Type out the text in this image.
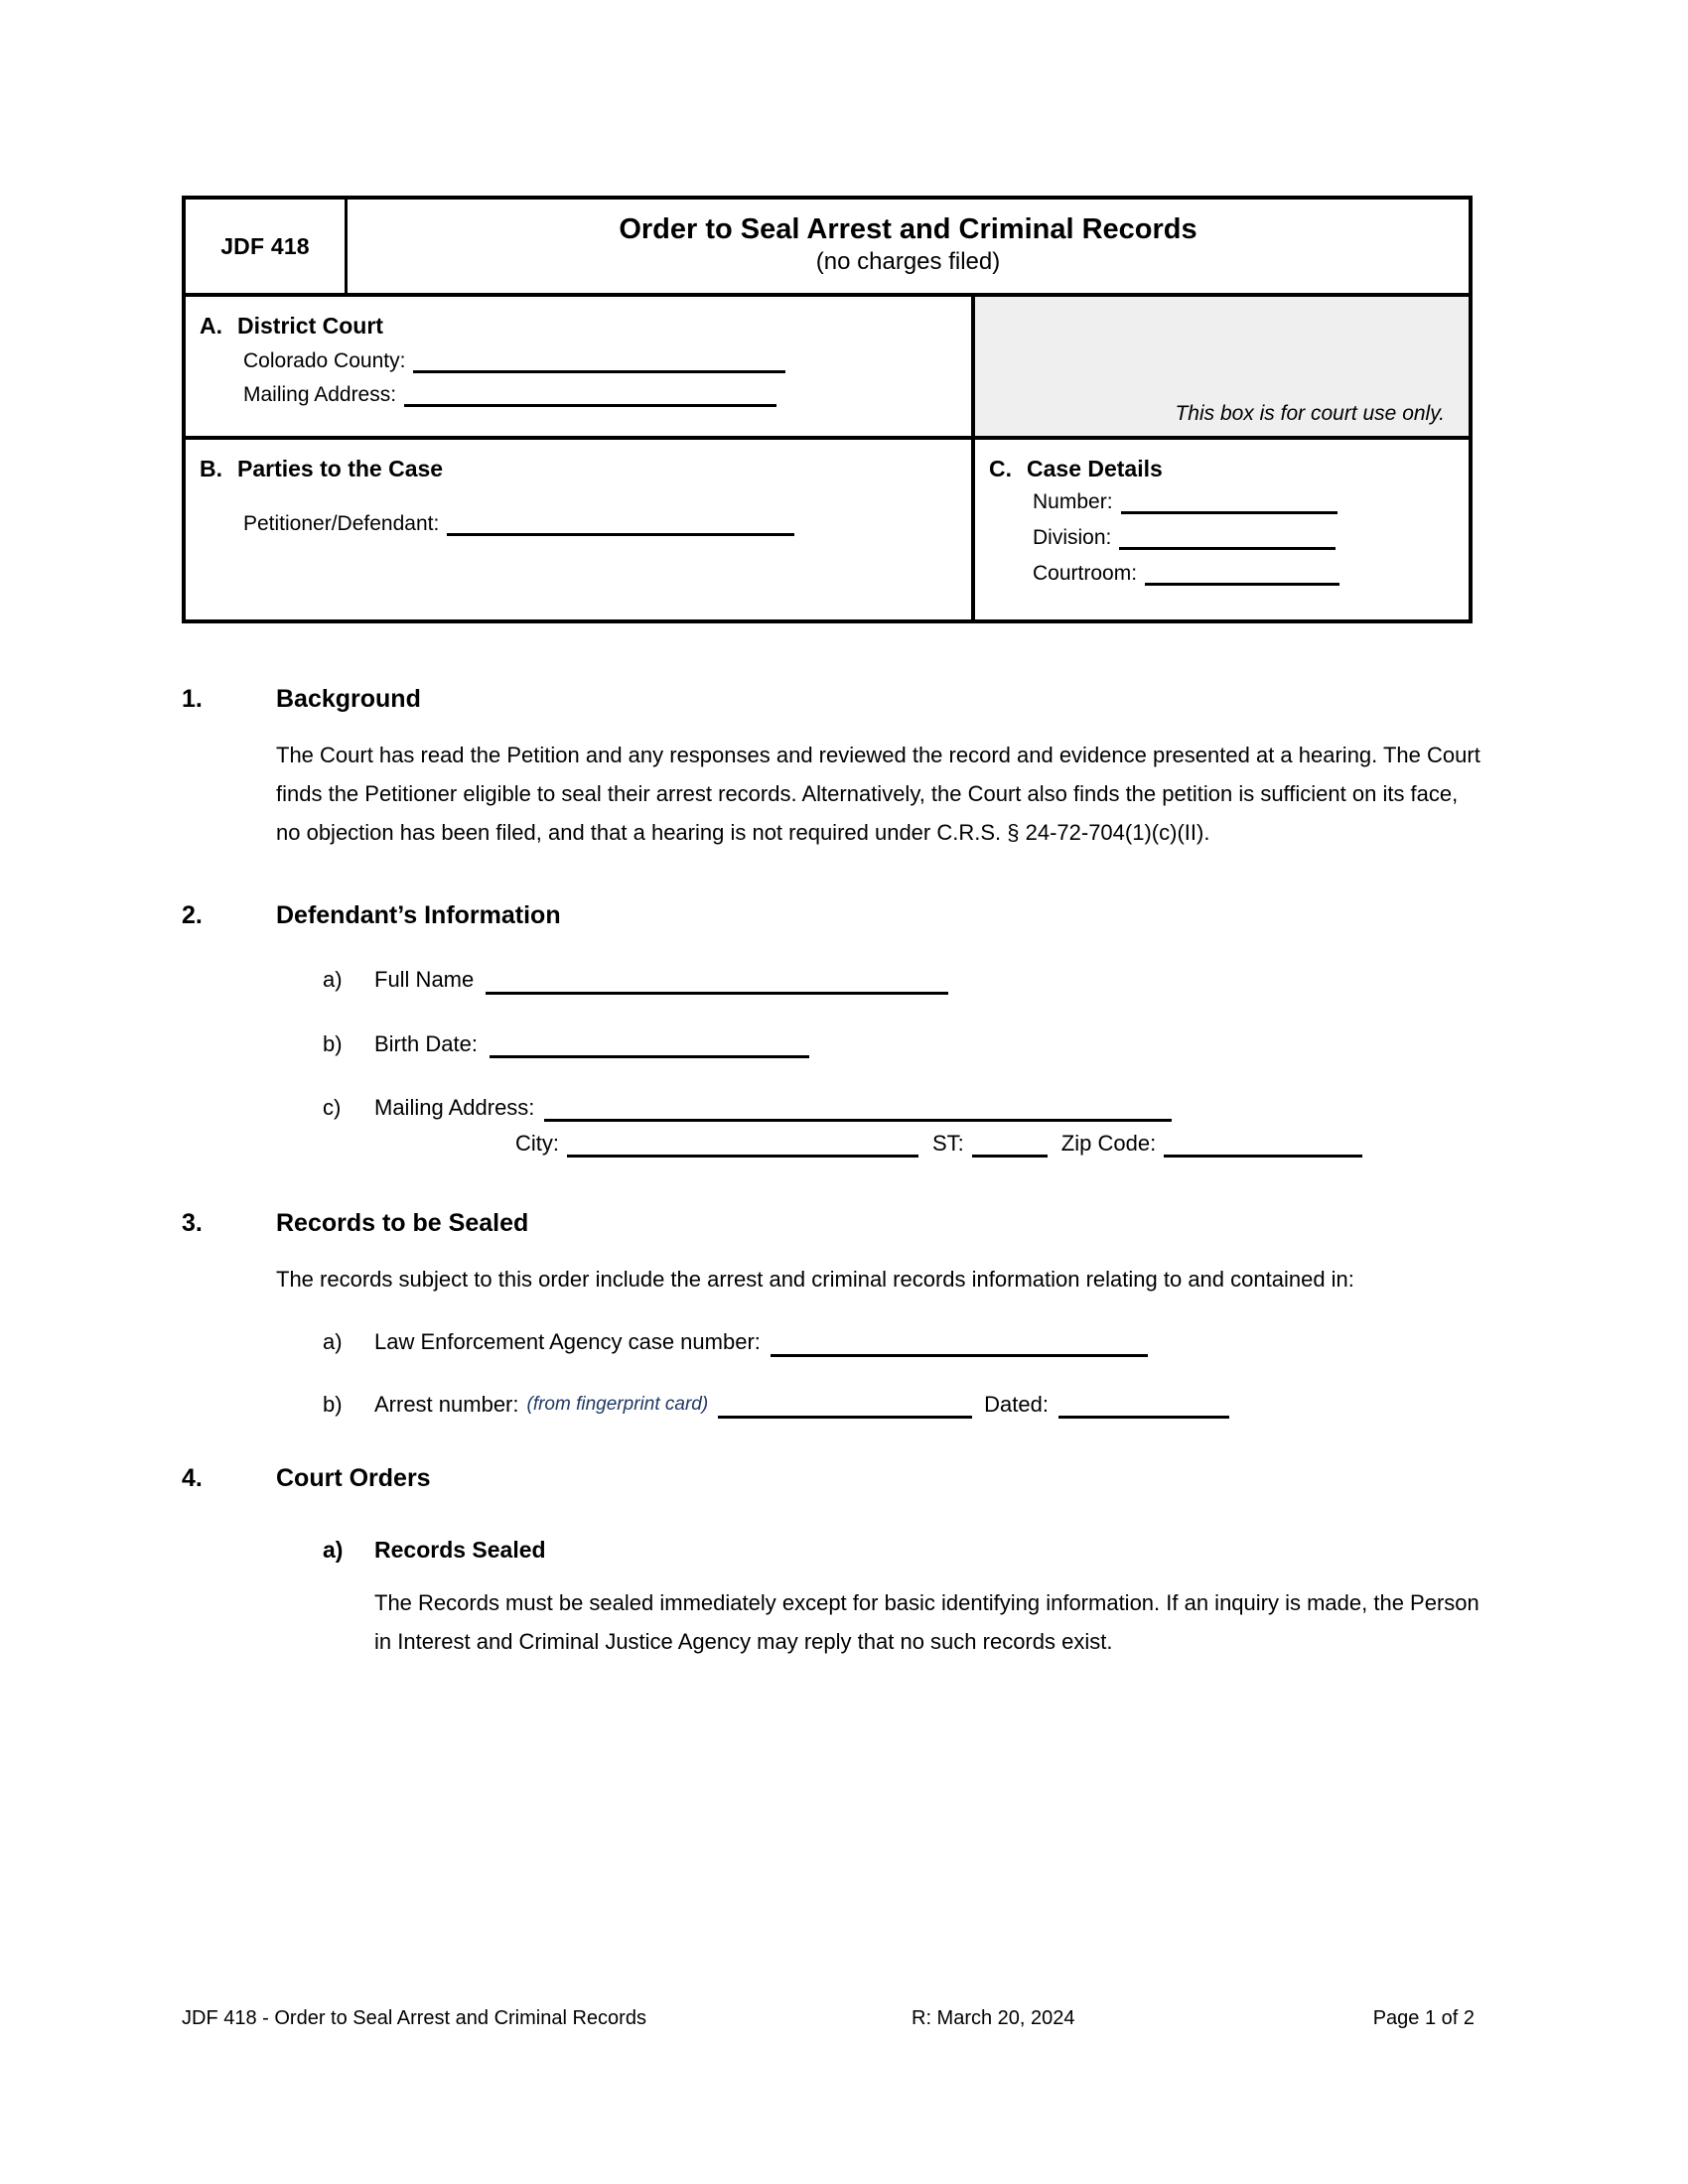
JDF 418
Order to Seal Arrest and Criminal Records
(no charges filed)
A. District Court
Colorado County:
Mailing Address:
B. Parties to the Case
Petitioner/Defendant:
This box is for court use only.
C. Case Details
Number:
Division:
Courtroom:
1.	Background
The Court has read the Petition and any responses and reviewed the record and evidence presented at a hearing. The Court finds the Petitioner eligible to seal their arrest records. Alternatively, the Court also finds the petition is sufficient on its face, no objection has been filed, and that a hearing is not required under C.R.S. § 24-72-704(1)(c)(II).
2.	Defendant’s Information
a)	Full Name
b)	Birth Date:
c)	Mailing Address:
City:	ST:	Zip Code:
3.	Records to be Sealed
The records subject to this order include the arrest and criminal records information relating to and contained in:
a)	Law Enforcement Agency case number:
b)	Arrest number: (from fingerprint card)	Dated:
4.	Court Orders
a)	Records Sealed
The Records must be sealed immediately except for basic identifying information. If an inquiry is made, the Person in Interest and Criminal Justice Agency may reply that no such records exist.
JDF 418 - Order to Seal Arrest and Criminal Records	R: March 20, 2024	Page 1 of 2
